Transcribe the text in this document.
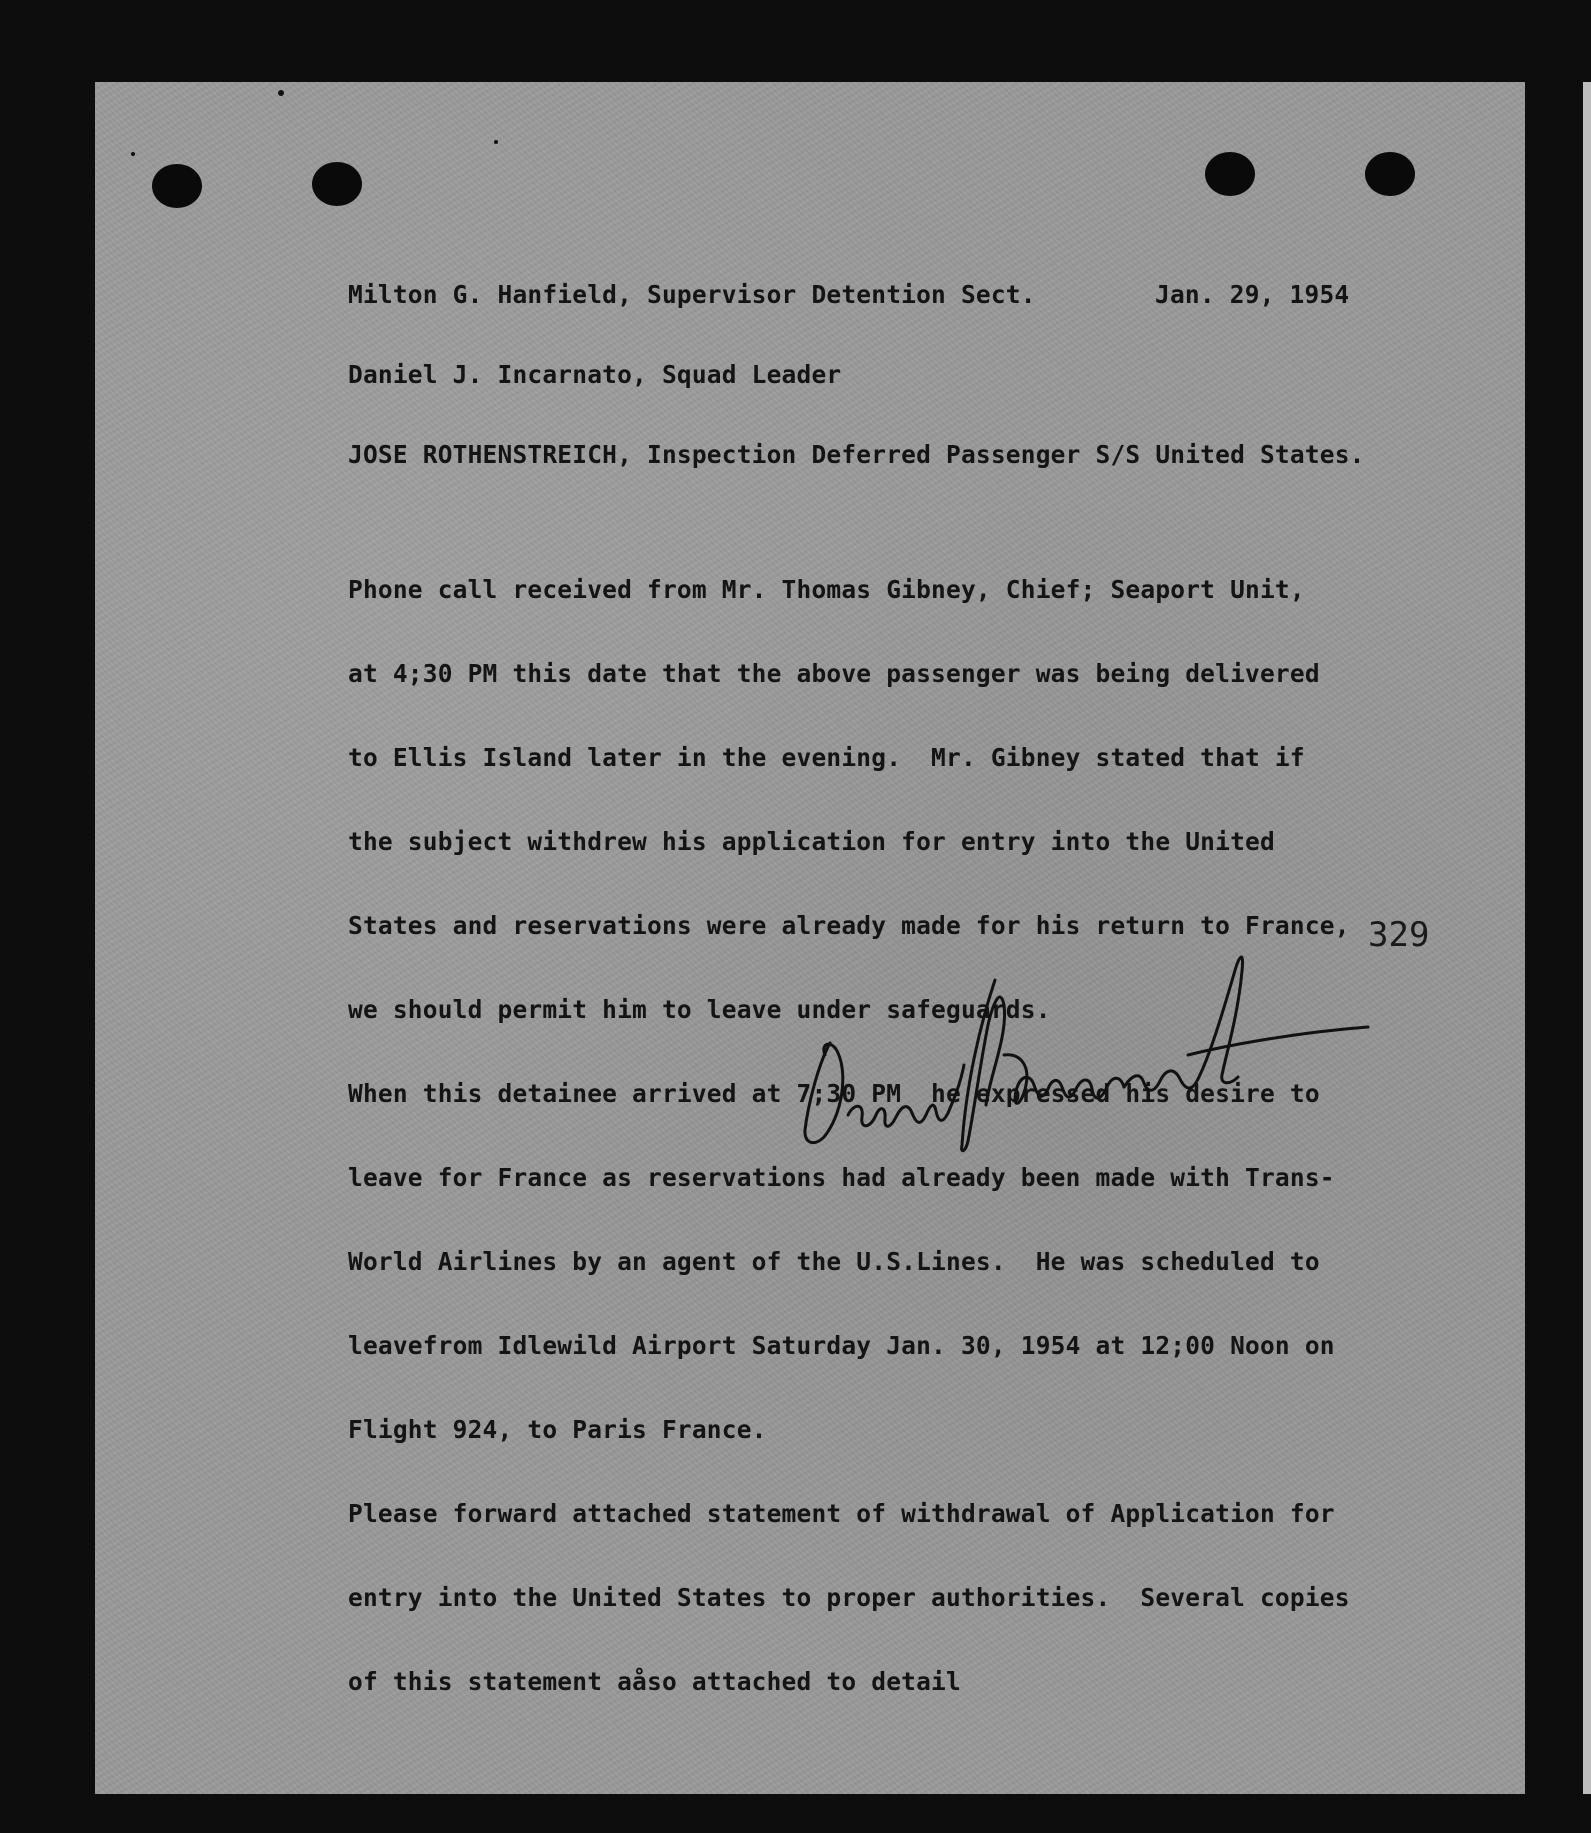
Milton G. Hanfield, Supervisor Detention Sect.	Jan. 29, 1954

Daniel J. Incarnato, Squad Leader

JOSE ROTHENSTREICH, Inspection Deferred Passenger S/S United States.

Phone call received from Mr. Thomas Gibney, Chief; Seaport Unit,

at 4;30 PM this date that the above passenger was being delivered

to Ellis Island later in the evening.  Mr. Gibney stated that if

the subject withdrew his application for entry into the United

States and reservations were already made for his return to France,

we should permit him to leave under safeguards.

When this detainee arrived at 7;30 PM  he expressed his desire to

leave for France as reservations had already been made with Trans-

World Airlines by an agent of the U.S.Lines.  He was scheduled to

leavefrom Idlewild Airport Saturday Jan. 30, 1954 at 12;00 Noon on

Flight 924, to Paris France.

Please forward attached statement of withdrawal of Application for

entry into the United States to proper authorities.  Several copies

of this statement aåso attached to detail

329
